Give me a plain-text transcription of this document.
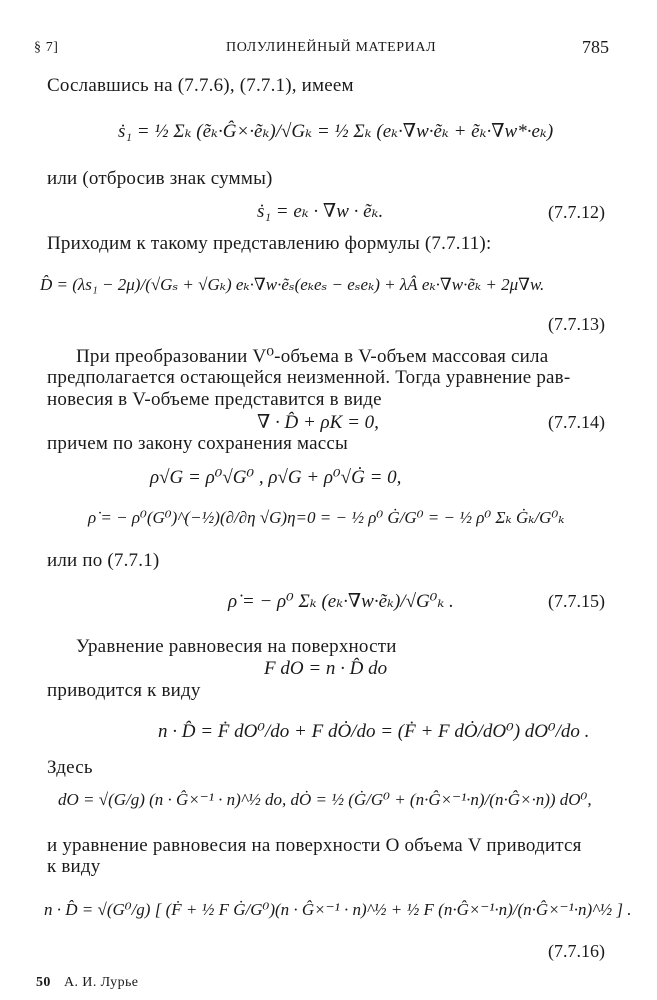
§ 7]	ПОЛУЛИНЕЙНЫЙ МАТЕРИАЛ	785
Сославшись на (7.7.6), (7.7.1), имеем
ṡ₁ = ½ Σₖ (ẽₖ·Ĝ×·ẽₖ)/√Gₖ = ½ Σₖ (eₖ·∇w·ẽₖ + ẽₖ·∇w*·eₖ)
или (отбросив знак суммы)
ṡ₁ = eₖ · ∇w · ẽₖ.	(7.7.12)
Приходим к такому представлению формулы (7.7.11):
D̂ = (λs₁ − 2μ)/(√Gₛ + √Gₖ) eₖ·∇w·ẽₛ(eₖeₛ − eₛeₖ) + λÂ eₖ·∇w·ẽₖ + 2μ∇w.
(7.7.13)
При преобразовании V⁰-объема в V-объем массовая сила
предполагается остающейся неизменной. Тогда уравнение рав-
новесия в V-объеме представится в виде
∇ · D̂ + ρK = 0,	(7.7.14)
причем по закону сохранения массы
ρ√G = ρ⁰√G⁰ , ρ√G + ρ⁰√Ġ = 0,
ρ̇ = − ρ⁰(G⁰)^(−½)(∂/∂η √G)η=0 = − ½ ρ⁰ Ġ/G⁰ = − ½ ρ⁰ Σₖ Ġₖ/G⁰ₖ
или по (7.7.1)
ρ̇ = − ρ⁰ Σₖ (eₖ·∇w·ẽₖ)/√G⁰ₖ .	(7.7.15)
Уравнение равновесия на поверхности
F dO = n · D̂ do
приводится к виду
n · D̂ = Ḟ dO⁰/do + F dȮ/do = (Ḟ + F dȮ/dO⁰) dO⁰/do .
Здесь
dO = √(G/g) (n · Ĝ×⁻¹ · n)^½ do, dȮ = ½ (Ġ/G⁰ + (n·Ĝ×⁻¹·n)/(n·Ĝ×·n)) dO⁰,
и уравнение равновесия на поверхности O объема V приводится
к виду
n · D̂ = √(G⁰/g) [ (Ḟ + ½ F Ġ/G⁰)(n · Ĝ×⁻¹ · n)^½ + ½ F (n·Ĝ×⁻¹·n)/(n·Ĝ×⁻¹·n)^½ ] .
(7.7.16)
50 А. И. Лурье
